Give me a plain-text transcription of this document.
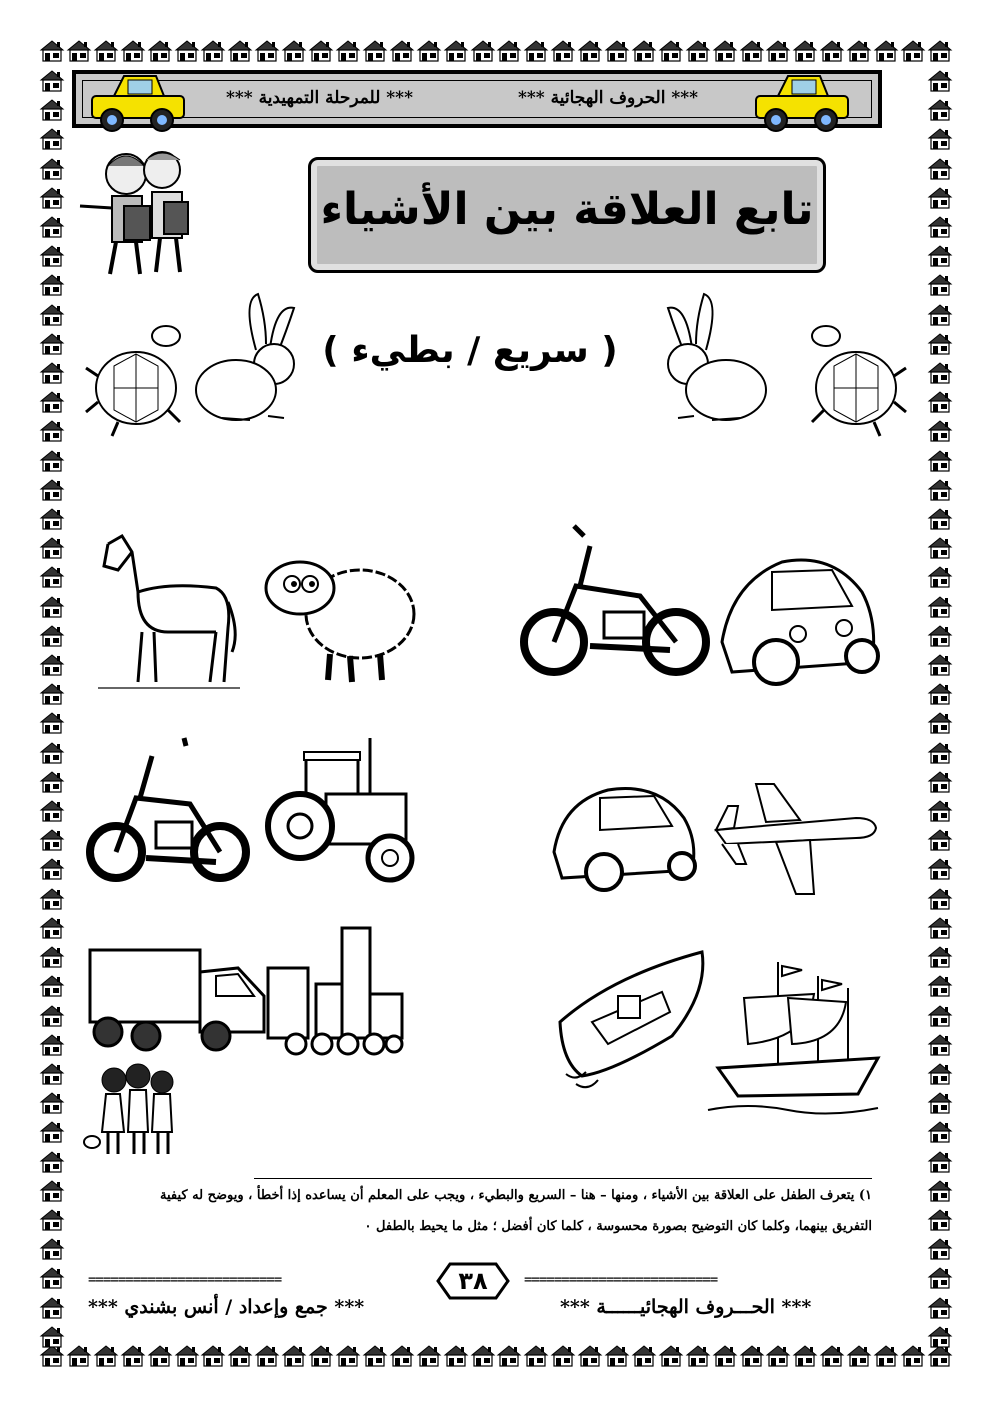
*** للمرحلة التمهيدية ***	*** الحروف الهجائية ***
تابع العلاقة بين الأشياء
( سريع / بطيء )
١) يتعرف الطفل على العلاقة بين الأشياء ، ومنها – هنا – السريع والبطيء ، ويجب على المعلم أن يساعده إذا أخطأ ، ويوضح له كيفية
التفريق بينهما، وكلما كان التوضيح بصورة محسوسة ، كلما كان أفضل ؛ مثل ما يحيط بالطفل ٠
==========================	==========================
٣٨
*** جمع وإعداد / أنس بشندي ***	*** الحـــروف الهجائيــــــة ***
